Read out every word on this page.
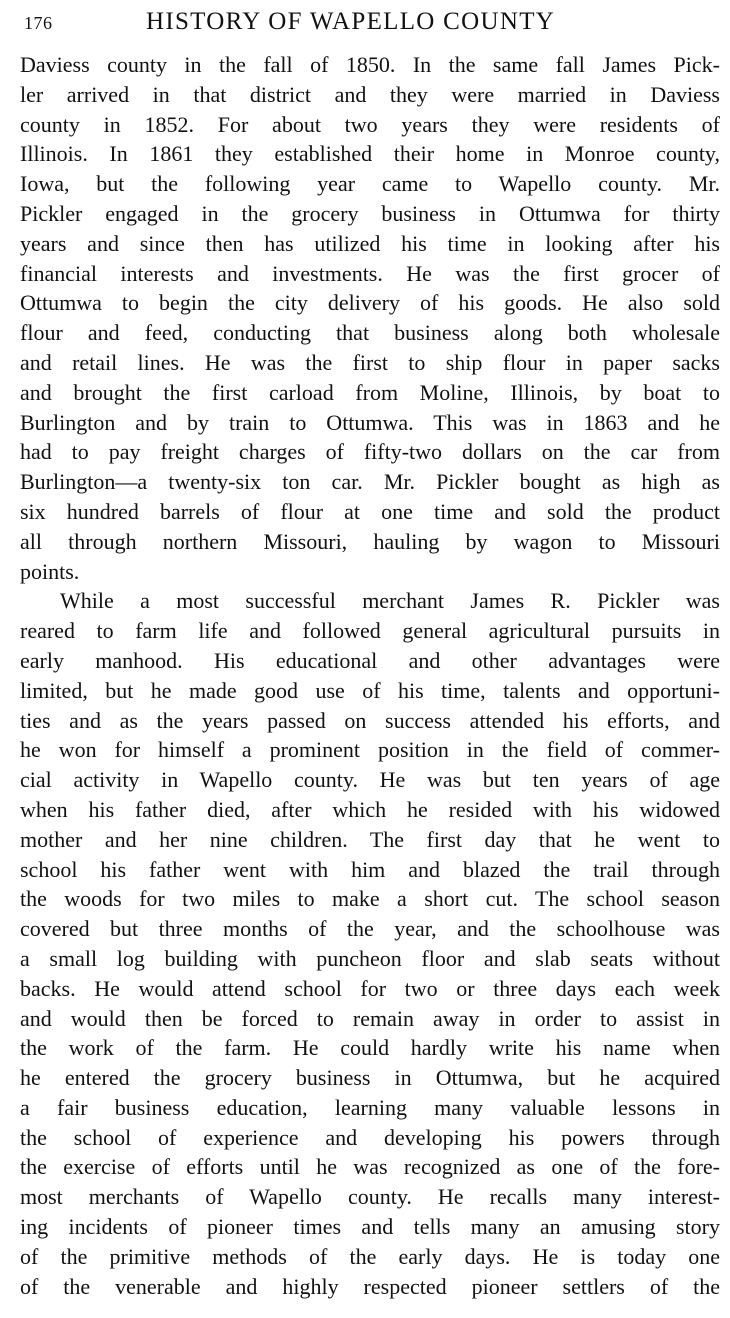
176	HISTORY OF WAPELLO COUNTY
Daviess county in the fall of 1850. In the same fall James Pick-
ler arrived in that district and they were married in Daviess
county in 1852. For about two years they were residents of
Illinois. In 1861 they established their home in Monroe county,
Iowa, but the following year came to Wapello county. Mr.
Pickler engaged in the grocery business in Ottumwa for thirty
years and since then has utilized his time in looking after his
financial interests and investments. He was the first grocer of
Ottumwa to begin the city delivery of his goods. He also sold
flour and feed, conducting that business along both wholesale
and retail lines. He was the first to ship flour in paper sacks
and brought the first carload from Moline, Illinois, by boat to
Burlington and by train to Ottumwa. This was in 1863 and he
had to pay freight charges of fifty-two dollars on the car from
Burlington—a twenty-six ton car. Mr. Pickler bought as high as
six hundred barrels of flour at one time and sold the product
all through northern Missouri, hauling by wagon to Missouri
points.
While a most successful merchant James R. Pickler was
reared to farm life and followed general agricultural pursuits in
early manhood. His educational and other advantages were
limited, but he made good use of his time, talents and opportuni-
ties and as the years passed on success attended his efforts, and
he won for himself a prominent position in the field of commer-
cial activity in Wapello county. He was but ten years of age
when his father died, after which he resided with his widowed
mother and her nine children. The first day that he went to
school his father went with him and blazed the trail through
the woods for two miles to make a short cut. The school season
covered but three months of the year, and the schoolhouse was
a small log building with puncheon floor and slab seats without
backs. He would attend school for two or three days each week
and would then be forced to remain away in order to assist in
the work of the farm. He could hardly write his name when
he entered the grocery business in Ottumwa, but he acquired
a fair business education, learning many valuable lessons in
the school of experience and developing his powers through
the exercise of efforts until he was recognized as one of the fore-
most merchants of Wapello county. He recalls many interest-
ing incidents of pioneer times and tells many an amusing story
of the primitive methods of the early days. He is today one
of the venerable and highly respected pioneer settlers of the
